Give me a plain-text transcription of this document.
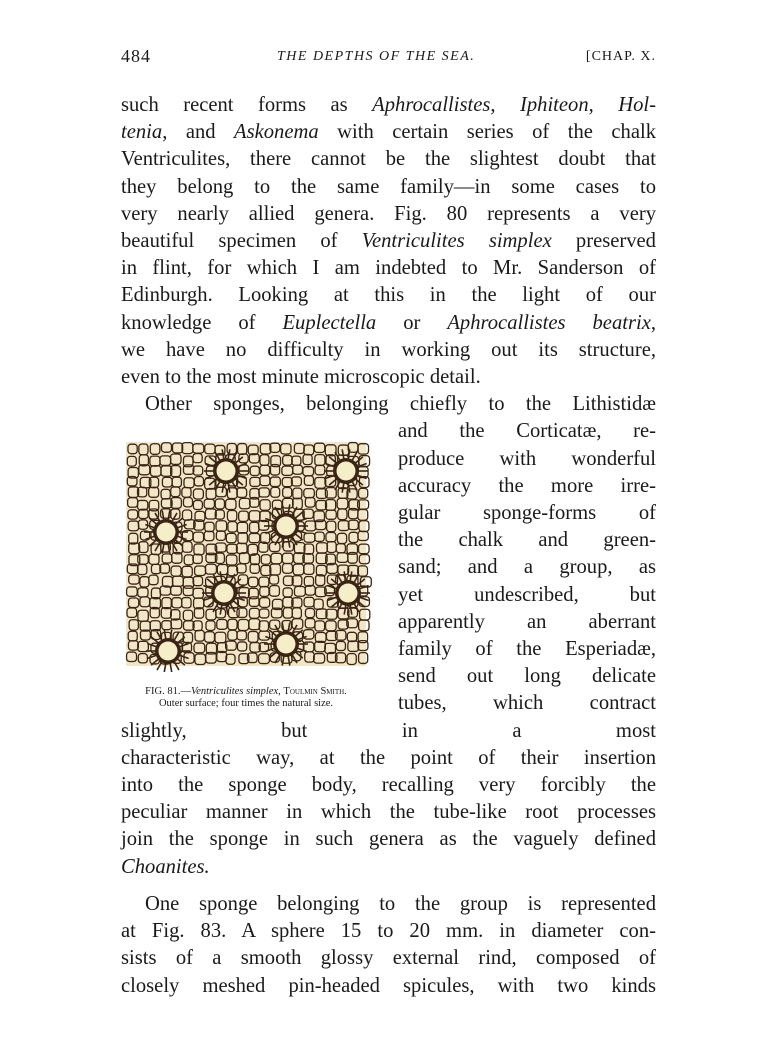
484	THE DEPTHS OF THE SEA.	[CHAP. X.

such recent forms as Aphrocallistes, Iphiteon, Hol-
tenia, and Askonema with certain series of the chalk
Ventriculites, there cannot be the slightest doubt that
they belong to the same family—in some cases to
very nearly allied genera. Fig. 80 represents a very
beautiful specimen of Ventriculites simplex preserved
in flint, for which I am indebted to Mr. Sanderson of
Edinburgh. Looking at this in the light of our
knowledge of Euplectella or Aphrocallistes beatrix,
we have no difficulty in working out its structure,
even to the most minute microscopic detail.

Other sponges, belonging chiefly to the Lithistidæ

FIG. 81.—Ventriculites simplex, Toulmin Smith.
Outer surface; four times the natural size.
and the Corticatæ, re-
produce with wonderful
accuracy the more irre-
gular sponge-forms of
the chalk and green-
sand; and a group, as
yet undescribed, but
apparently an aberrant
family of the Esperiadæ,
send out long delicate
tubes, which contract
slightly, but in a most
characteristic way, at the point of their insertion
into the sponge body, recalling very forcibly the
peculiar manner in which the tube-like root processes
join the sponge in such genera as the vaguely defined
Choanites.

One sponge belonging to the group is represented
at Fig. 83. A sphere 15 to 20 mm. in diameter con-
sists of a smooth glossy external rind, composed of
closely meshed pin-headed spicules, with two kinds
